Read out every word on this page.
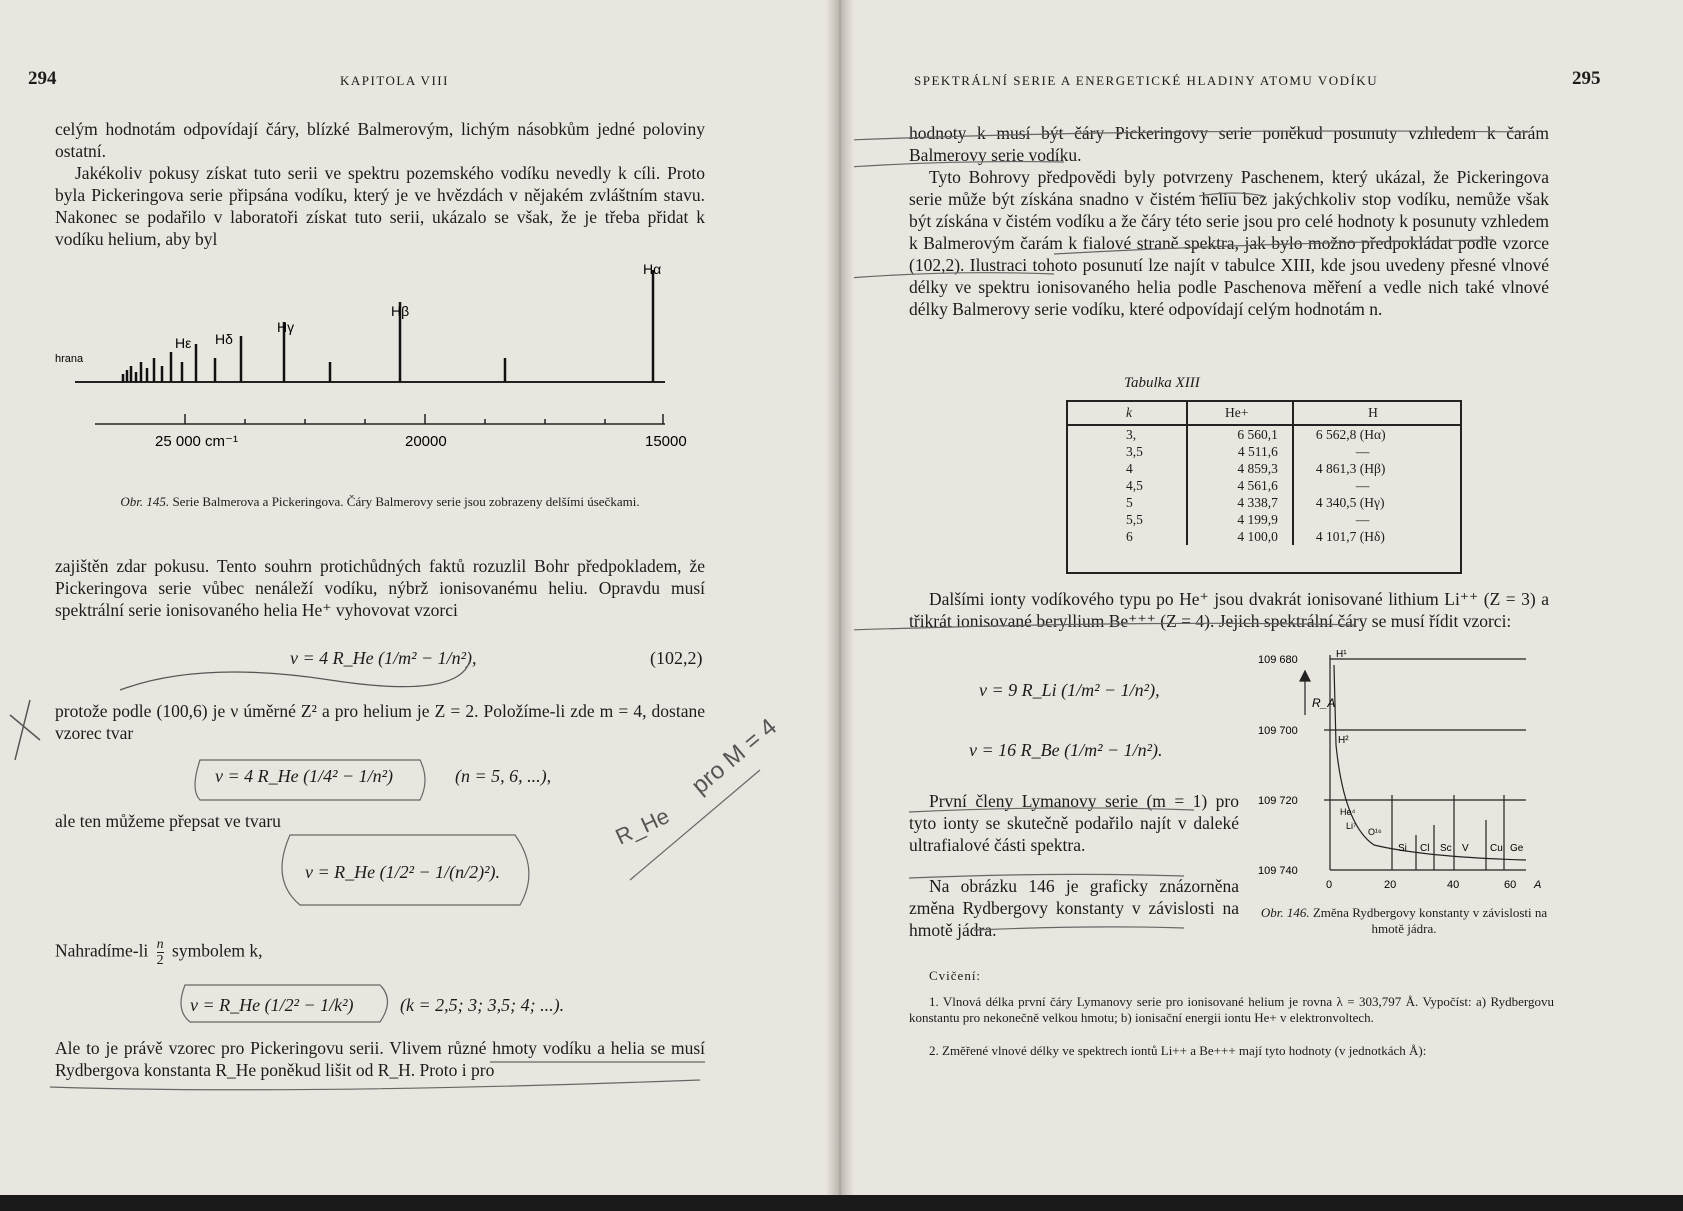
294	KAPITOLA VIII

celým hodnotám odpovídají čáry, blízké Balmerovým, lichým násobkům jedné poloviny ostatní.

Jakékoliv pokusy získat tuto serii ve spektru pozemského vodíku nevedly k cíli. Proto byla Pickeringova serie připsána vodíku, který je ve hvězdách v nějakém zvláštním stavu. Nakonec se podařilo v laboratoři získat tuto serii, ukázalo se však, že je třeba přidat k vodíku helium, aby byl

hrana
Hε Hδ
Hγ
Hβ
Hα
25 000 cm⁻¹	20000	15000
Obr. 145. Serie Balmerova a Pickeringova. Čáry Balmerovy serie jsou zobrazeny delšími úsečkami.

zajištěn zdar pokusu. Tento souhrn protichůdných faktů rozuzlil Bohr předpokladem, že Pickeringova serie vůbec nenáleží vodíku, nýbrž ionisovanému heliu. Opravdu musí spektrální serie ionisovaného helia He⁺ vyhovovat vzorci

ν = 4 R_He (1/m² − 1/n²),	(102,2)

protože podle (100,6) je ν úměrné Z² a pro helium je Z = 2. Položíme-li zde m = 4, dostane vzorec tvar

ν = 4 R_He (1/4² − 1/n²)	(n = 5, 6, ...),

ale ten můžeme přepsat ve tvaru

ν = R_He (1/2² − 1/(n/2)²).
Nahradíme-li $\frac{n}{2}$ symbolem k,
ν = R_He (1/2² − 1/k²)	(k = 2,5; 3; 3,5; 4; ...).

Ale to je právě vzorec pro Pickeringovu serii. Vlivem různé hmoty vodíku a helia se musí Rydbergova konstanta R_He poněkud lišit od R_H. Proto i pro

pro M = 4
R_He
SPEKTRÁLNÍ SERIE A ENERGETICKÉ HLADINY ATOMU VODÍKU	295

hodnoty k musí být čáry Pickeringovy serie poněkud posunuty vzhledem k čarám Balmerovy serie vodíku.

Tyto Bohrovy předpovědi byly potvrzeny Paschenem, který ukázal, že Pickeringova serie může být získána snadno v čistém heliu bez jakýchkoliv stop vodíku, nemůže však být získána v čistém vodíku a že čáry této serie jsou pro celé hodnoty k posunuty vzhledem k Balmerovým čarám k fialové straně spektra, jak bylo možno předpokládat podle vzorce (102,2). Ilustraci tohoto posunutí lze najít v tabulce XIII, kde jsou uvedeny přesné vlnové délky ve spektru ionisovaného helia podle Paschenova měření a vedle nich také vlnové délky Balmerovy serie vodíku, které odpovídají celým hodnotám n.

Tabulka XIII
k	He+	H
3,	6 560,1	6 562,8 (Hα)
3,5	4 511,6	—
4	4 859,3	4 861,3 (Hβ)
4,5	4 561,6	—
5	4 338,7	4 340,5 (Hγ)
5,5	4 199,9	—
6	4 100,0	4 101,7 (Hδ)

Dalšími ionty vodíkového typu po He⁺ jsou dvakrát ionisované lithium Li⁺⁺ (Z = 3) a třikrát ionisované beryllium Be⁺⁺⁺ (Z = 4). Jejich spektrální čáry se musí řídit vzorci:

ν = 9 R_Li (1/m² − 1/n²),
ν = 16 R_Be (1/m² − 1/n²).

První členy Lymanovy serie (m = 1) pro tyto ionty se skutečně podařilo najít v daleké ultrafialové části spektra.

Na obrázku 146 je graficky znázorněna změna Rydbergovy konstanty v závislosti na hmotě jádra.

109 680
109 700
109 720
109 740
R_A
0	20	40	60 A
H¹
H²
He⁴
Li⁷
O¹⁶
Si Cl Sc V Cu Ge
Obr. 146. Změna Rydbergovy konstanty v závislosti na hmotě jádra.
Cvičení:

1. Vlnová délka první čáry Lymanovy serie pro ionisované helium je rovna λ = 303,797 Å. Vypočíst: a) Rydbergovu konstantu pro nekonečně velkou hmotu; b) ionisační energii iontu He+ v elektronvoltech.

2. Změřené vlnové délky ve spektrech iontů Li++ a Be+++ mají tyto hodnoty (v jednotkách Å):
